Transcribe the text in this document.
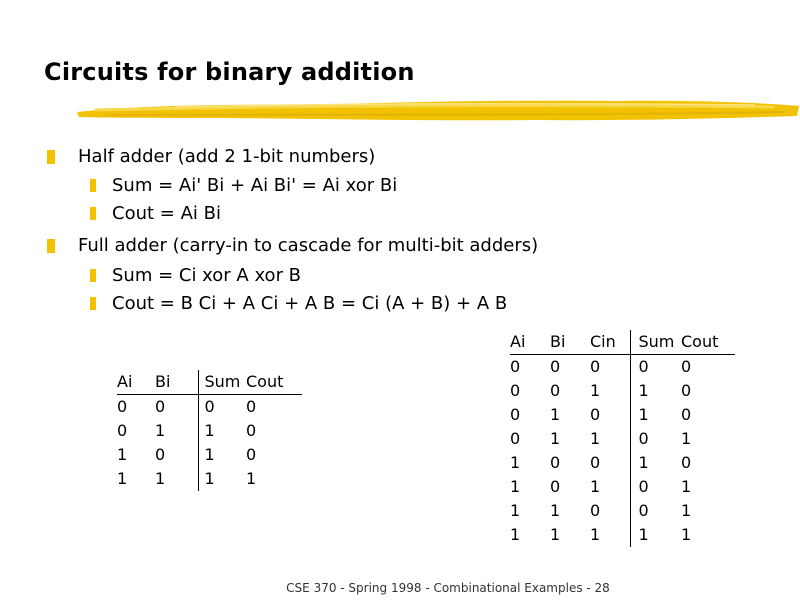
Circuits for binary addition
Half adder (add 2 1-bit numbers)
Sum = Ai' Bi + Ai Bi' = Ai xor Bi
Cout = Ai Bi
Full adder (carry-in to cascade for multi-bit adders)
Sum = Ci xor A xor B
Cout = B Ci + A Ci + A B = Ci (A + B) + A B
Ai	Bi	Sum	Cout
0	0	0	0
0	1	1	0
1	0	1	0
1	1	1	1
Ai	Bi	Cin	Sum	Cout
0	0	0	0	0
0	0	1	1	0
0	1	0	1	0
0	1	1	0	1
1	0	0	1	0
1	0	1	0	1
1	1	0	0	1
1	1	1	1	1
CSE 370 - Spring 1998 - Combinational Examples - 28
